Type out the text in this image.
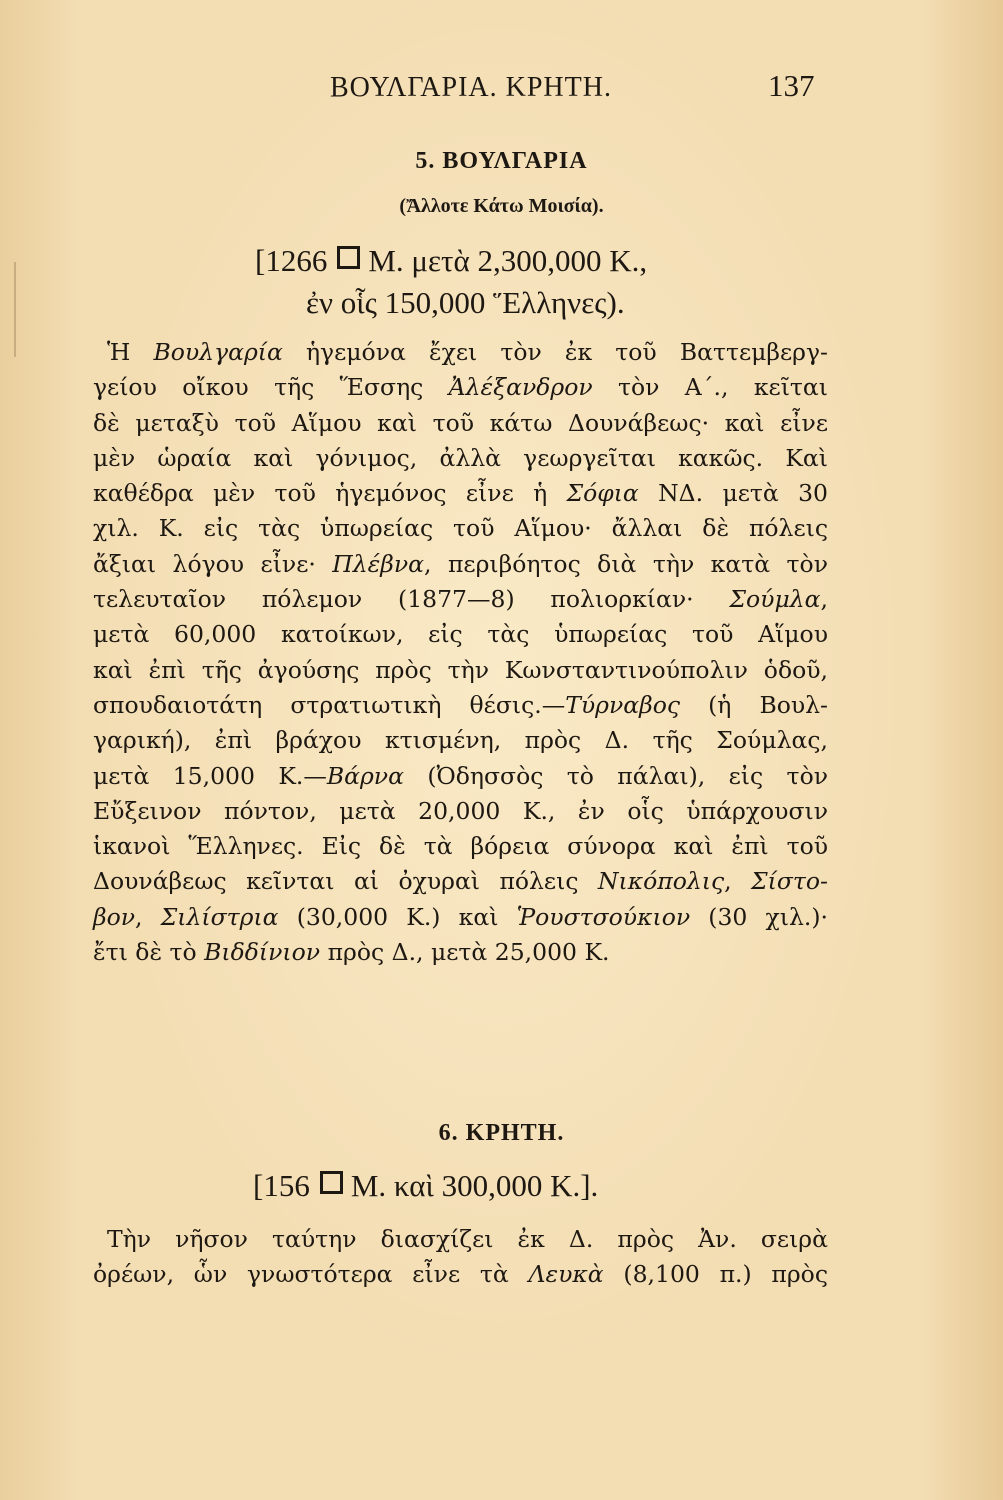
ΒΟΥΛΓΑΡΙΑ. ΚΡΗΤΗ.	137
5. ΒΟΥΛΓΑΡΙΑ
(Ἄλλοτε Κάτω Μοισία).
[1266 Μ. μετὰ 2,300,000 Κ.,
ἐν οἷς 150,000 Ἕλληνες).
Ἡ Βουλγαρία ἡγεμόνα ἔχει τὸν ἐκ τοῦ Βαττεμβεργ-
γείου οἴκου τῆς Ἕσσης Ἀλέξανδρον τὸν Α΄., κεῖται
δὲ μεταξὺ τοῦ Αἵμου καὶ τοῦ κάτω Δουνάβεως· καὶ εἶνε
μὲν ὡραία καὶ γόνιμος, ἀλλὰ γεωργεῖται κακῶς. Καὶ
καθέδρα μὲν τοῦ ἡγεμόνος εἶνε ἡ Σόφια ΝΔ. μετὰ 30
χιλ. Κ. εἰς τὰς ὑπωρείας τοῦ Αἵμου· ἄλλαι δὲ πόλεις
ἄξιαι λόγου εἶνε· Πλέβνα, περιβόητος διὰ τὴν κατὰ τὸν
τελευταῖον πόλεμον (1877—8) πολιορκίαν· Σούμλα,
μετὰ 60,000 κατοίκων, εἰς τὰς ὑπωρείας τοῦ Αἵμου
καὶ ἐπὶ τῆς ἀγούσης πρὸς τὴν Κωνσταντινούπολιν ὁδοῦ,
σπουδαιοτάτη στρατιωτικὴ θέσις.—Τύρναβος (ἡ Βουλ-
γαρική), ἐπὶ βράχου κτισμένη, πρὸς Δ. τῆς Σούμλας,
μετὰ 15,000 Κ.—Βάρνα (Ὀδησσὸς τὸ πάλαι), εἰς τὸν
Εὔξεινον πόντον, μετὰ 20,000 Κ., ἐν οἷς ὑπάρχουσιν
ἱκανοὶ Ἕλληνες. Εἰς δὲ τὰ βόρεια σύνορα καὶ ἐπὶ τοῦ
Δουνάβεως κεῖνται αἱ ὀχυραὶ πόλεις Νικόπολις, Σίστο-
βον, Σιλίστρια (30,000 Κ.) καὶ Ῥουστσούκιον (30 χιλ.)·
ἔτι δὲ τὸ Βιδδίνιον πρὸς Δ., μετὰ 25,000 Κ.
6. ΚΡΗΤΗ.
[156 Μ. καὶ 300,000 Κ.].
Τὴν νῆσον ταύτην διασχίζει ἐκ Δ. πρὸς Ἀν. σειρὰ
ὀρέων, ὧν γνωστότερα εἶνε τὰ Λευκὰ (8,100 π.) πρὸς
